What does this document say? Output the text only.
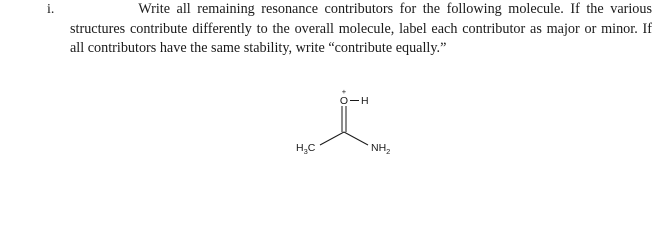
i.	Write all remaining resonance contributors for the following molecule. If the various structures contribute differently to the overall molecule, label each contributor as major or minor. If all contributors have the same stability, write “contribute equally.”
O
+
H
H3C	NH2
